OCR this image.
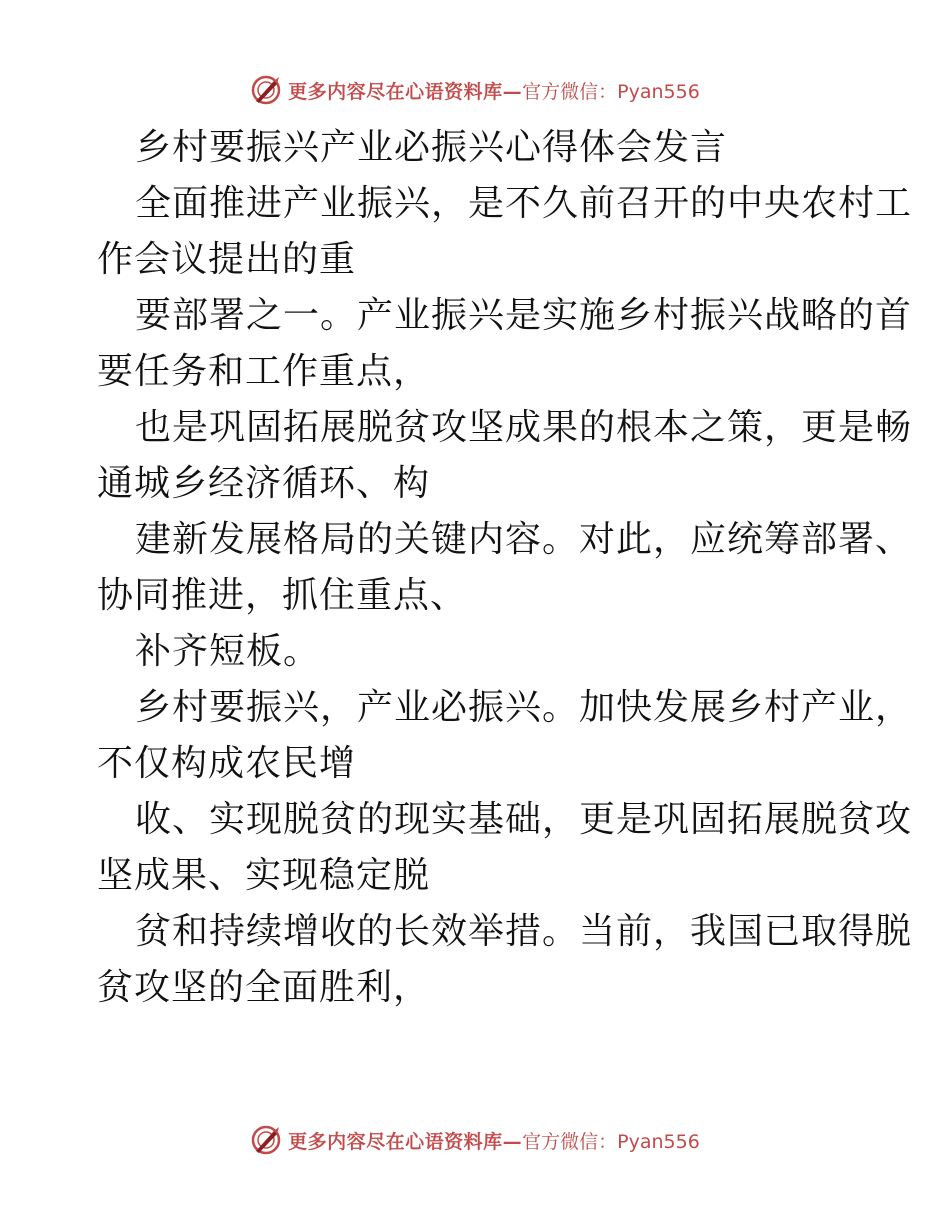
更多内容尽在心语资料库— 官方微信：Pyan556
乡村要振兴产业必振兴心得体会发言
全面推进产业振兴，是不久前召开的中央农村工
作会议提出的重
要部署之一。产业振兴是实施乡村振兴战略的首
要任务和工作重点，
也是巩固拓展脱贫攻坚成果的根本之策，更是畅
通城乡经济循环、构
建新发展格局的关键内容。对此，应统筹部署、
协同推进，抓住重点、
补齐短板。
乡村要振兴，产业必振兴。加快发展乡村产业，
不仅构成农民增
收、实现脱贫的现实基础，更是巩固拓展脱贫攻
坚成果、实现稳定脱
贫和持续增收的长效举措。当前，我国已取得脱
贫攻坚的全面胜利，
更多内容尽在心语资料库— 官方微信：Pyan556
